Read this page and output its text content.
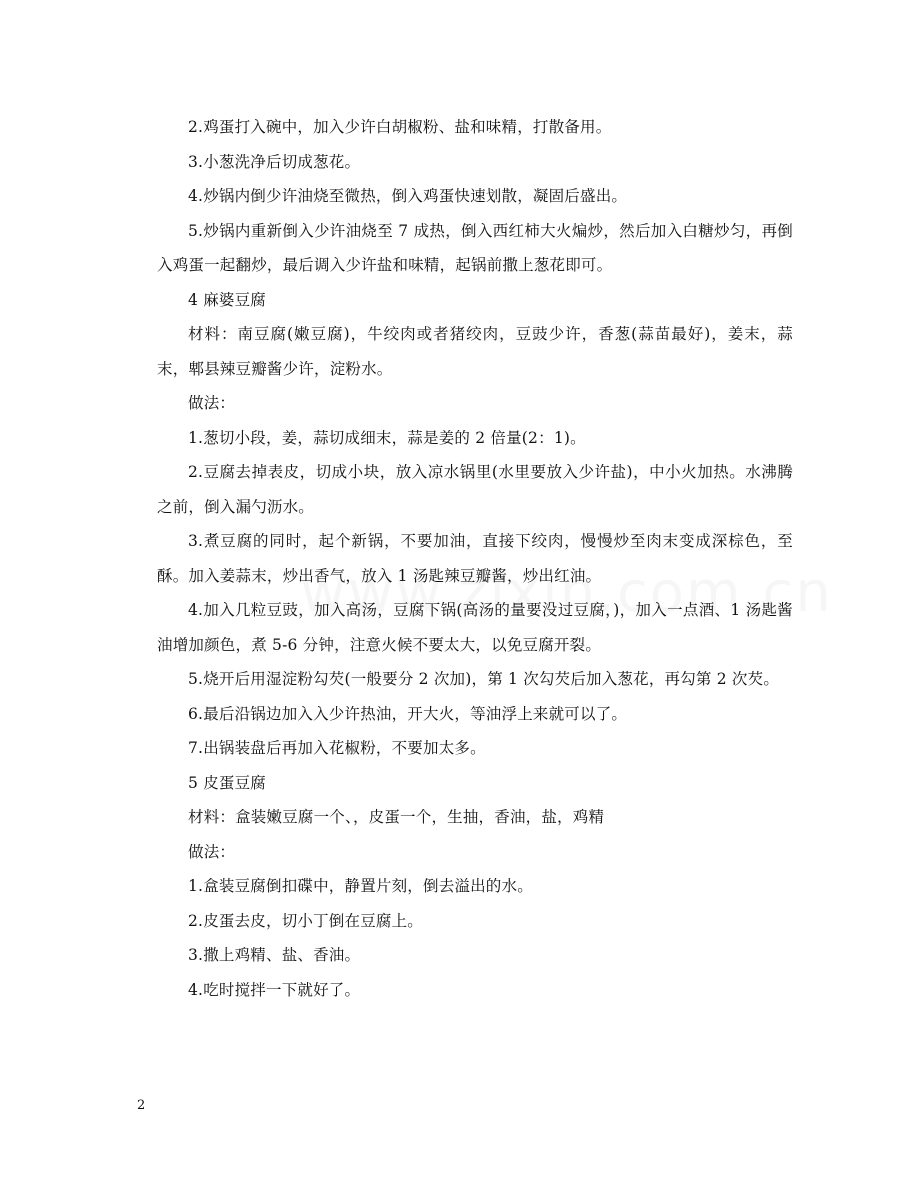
2.鸡蛋打入碗中，加入少许白胡椒粉、盐和味精，打散备用。

3.小葱洗净后切成葱花。

4.炒锅内倒少许油烧至微热，倒入鸡蛋快速划散，凝固后盛出。

5.炒锅内重新倒入少许油烧至 7 成热，倒入西红柿大火煸炒，然后加入白糖炒匀，再倒入鸡蛋一起翻炒，最后调入少许盐和味精，起锅前撒上葱花即可。

4 麻婆豆腐

材料：南豆腐(嫩豆腐)，牛绞肉或者猪绞肉，豆豉少许，香葱(蒜苗最好)，姜末，蒜末，郫县辣豆瓣酱少许，淀粉水。

做法：

1.葱切小段，姜，蒜切成细末，蒜是姜的 2 倍量(2：1)。

2.豆腐去掉表皮，切成小块，放入凉水锅里(水里要放入少许盐)，中小火加热。水沸腾之前，倒入漏勺沥水。

3.煮豆腐的同时，起个新锅，不要加油，直接下绞肉，慢慢炒至肉末变成深棕色，至酥。加入姜蒜末，炒出香气，放入 1 汤匙辣豆瓣酱，炒出红油。

4.加入几粒豆豉，加入高汤，豆腐下锅(高汤的量要没过豆腐，)，加入一点酒、1 汤匙酱油增加颜色，煮 5-6 分钟，注意火候不要太大，以免豆腐开裂。

5.烧开后用湿淀粉勾芡(一般要分 2 次加)，第 1 次勾芡后加入葱花，再勾第 2 次芡。

6.最后沿锅边加入入少许热油，开大火，等油浮上来就可以了。

7.出锅装盘后再加入花椒粉，不要加太多。

5 皮蛋豆腐

材料：盒装嫩豆腐一个、，皮蛋一个，生抽，香油，盐，鸡精

做法：

1.盒装豆腐倒扣碟中，静置片刻，倒去溢出的水。

2.皮蛋去皮，切小丁倒在豆腐上。

3.撒上鸡精、盐、香油。

4.吃时搅拌一下就好了。

2
